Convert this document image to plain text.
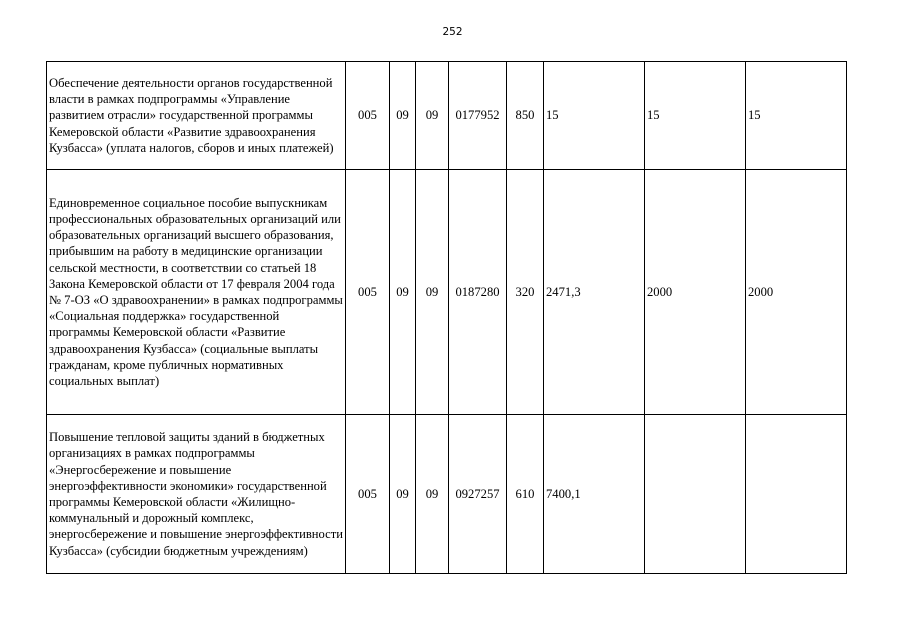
252
Обеспечение деятельности органов государственной власти в рамках подпрограммы «Управление развитием отрасли» государственной программы Кемеровской области «Развитие здравоохранения Кузбасса» (уплата налогов, сборов и иных платежей)	005	09	09	0177952	850	15	15	15
Единовременное социальное пособие выпускникам профессиональных образовательных организаций или образовательных организаций высшего образования, прибывшим на работу в медицинские организации сельской местности, в соответствии со статьей 18 Закона Кемеровской области от 17 февраля 2004 года № 7-ОЗ «О здравоохранении» в рамках подпрограммы «Социальная поддержка» государственной программы Кемеровской области «Развитие здравоохранения Кузбасса» (социальные выплаты гражданам, кроме публичных нормативных социальных выплат)	005	09	09	0187280	320	2471,3	2000	2000
Повышение тепловой защиты зданий в бюджетных организациях в рамках подпрограммы «Энергосбережение и повышение энергоэффективности экономики» государственной программы Кемеровской области «Жилищно-коммунальный и дорожный комплекс, энергосбережение и повышение энергоэффективности Кузбасса» (субсидии бюджетным учреждениям)	005	09	09	0927257	610	7400,1		
